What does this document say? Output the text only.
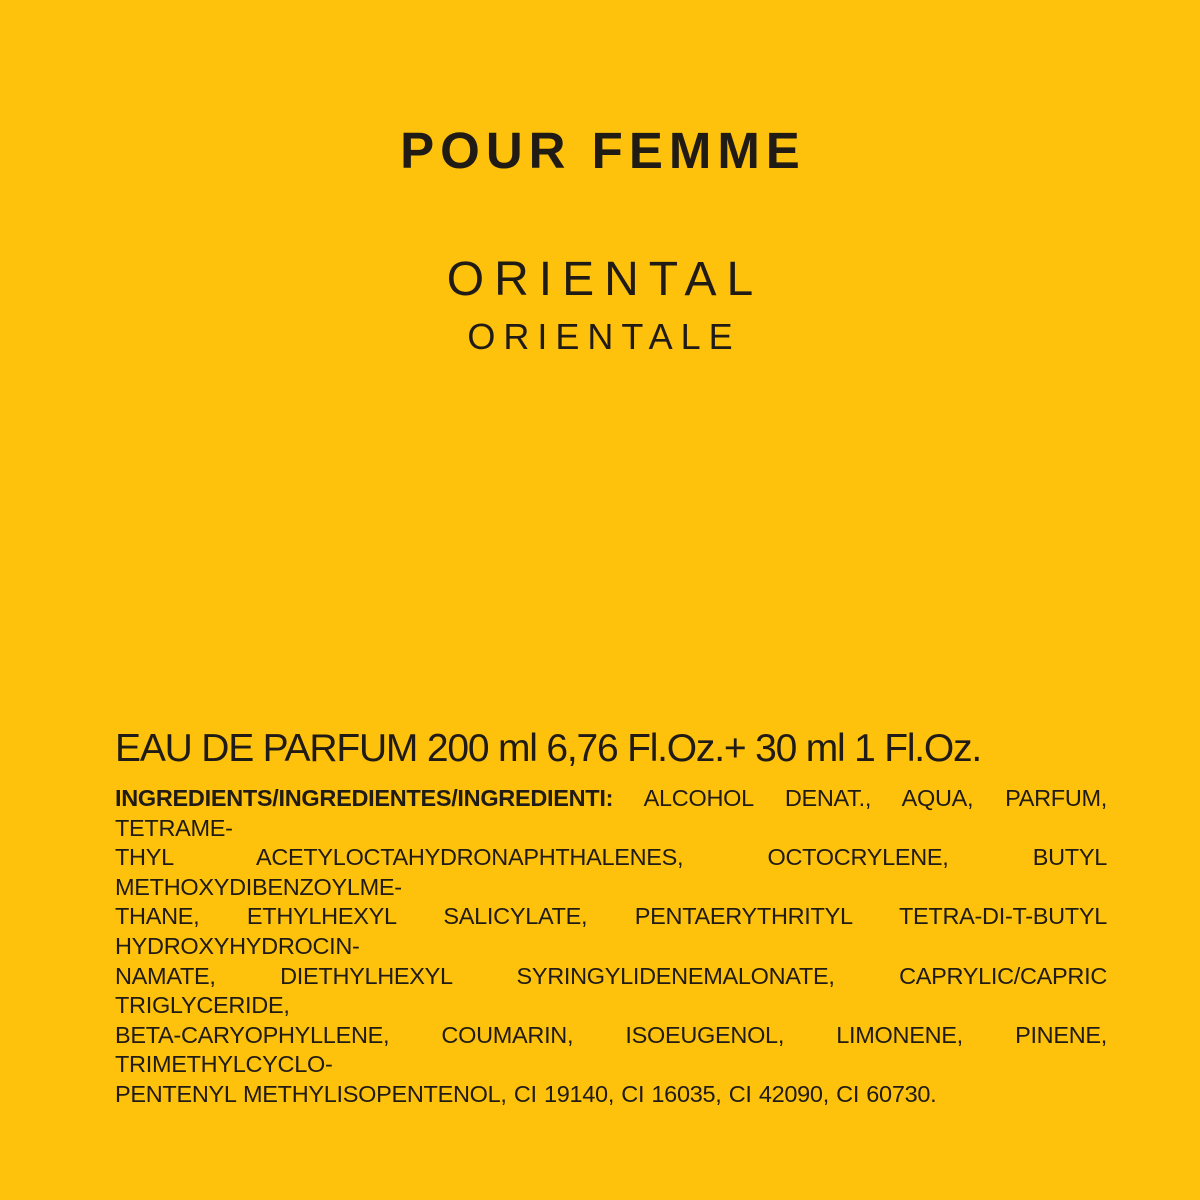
POUR FEMME
ORIENTAL
ORIENTALE
EAU DE PARFUM 200 ml 6,76 Fl.Oz.+ 30 ml 1 Fl.Oz.
INGREDIENTS/INGREDIENTES/INGREDIENTI: ALCOHOL DENAT., AQUA, PARFUM, TETRAME-
THYL ACETYLOCTAHYDRONAPHTHALENES, OCTOCRYLENE, BUTYL METHOXYDIBENZOYLME-
THANE, ETHYLHEXYL SALICYLATE, PENTAERYTHRITYL TETRA-DI-T-BUTYL HYDROXYHYDROCIN-
NAMATE, DIETHYLHEXYL SYRINGYLIDENEMALONATE, CAPRYLIC/CAPRIC TRIGLYCERIDE,
BETA-CARYOPHYLLENE, COUMARIN, ISOEUGENOL, LIMONENE, PINENE, TRIMETHYLCYCLO-
PENTENYL METHYLISOPENTENOL, CI 19140, CI 16035, CI 42090, CI 60730.
